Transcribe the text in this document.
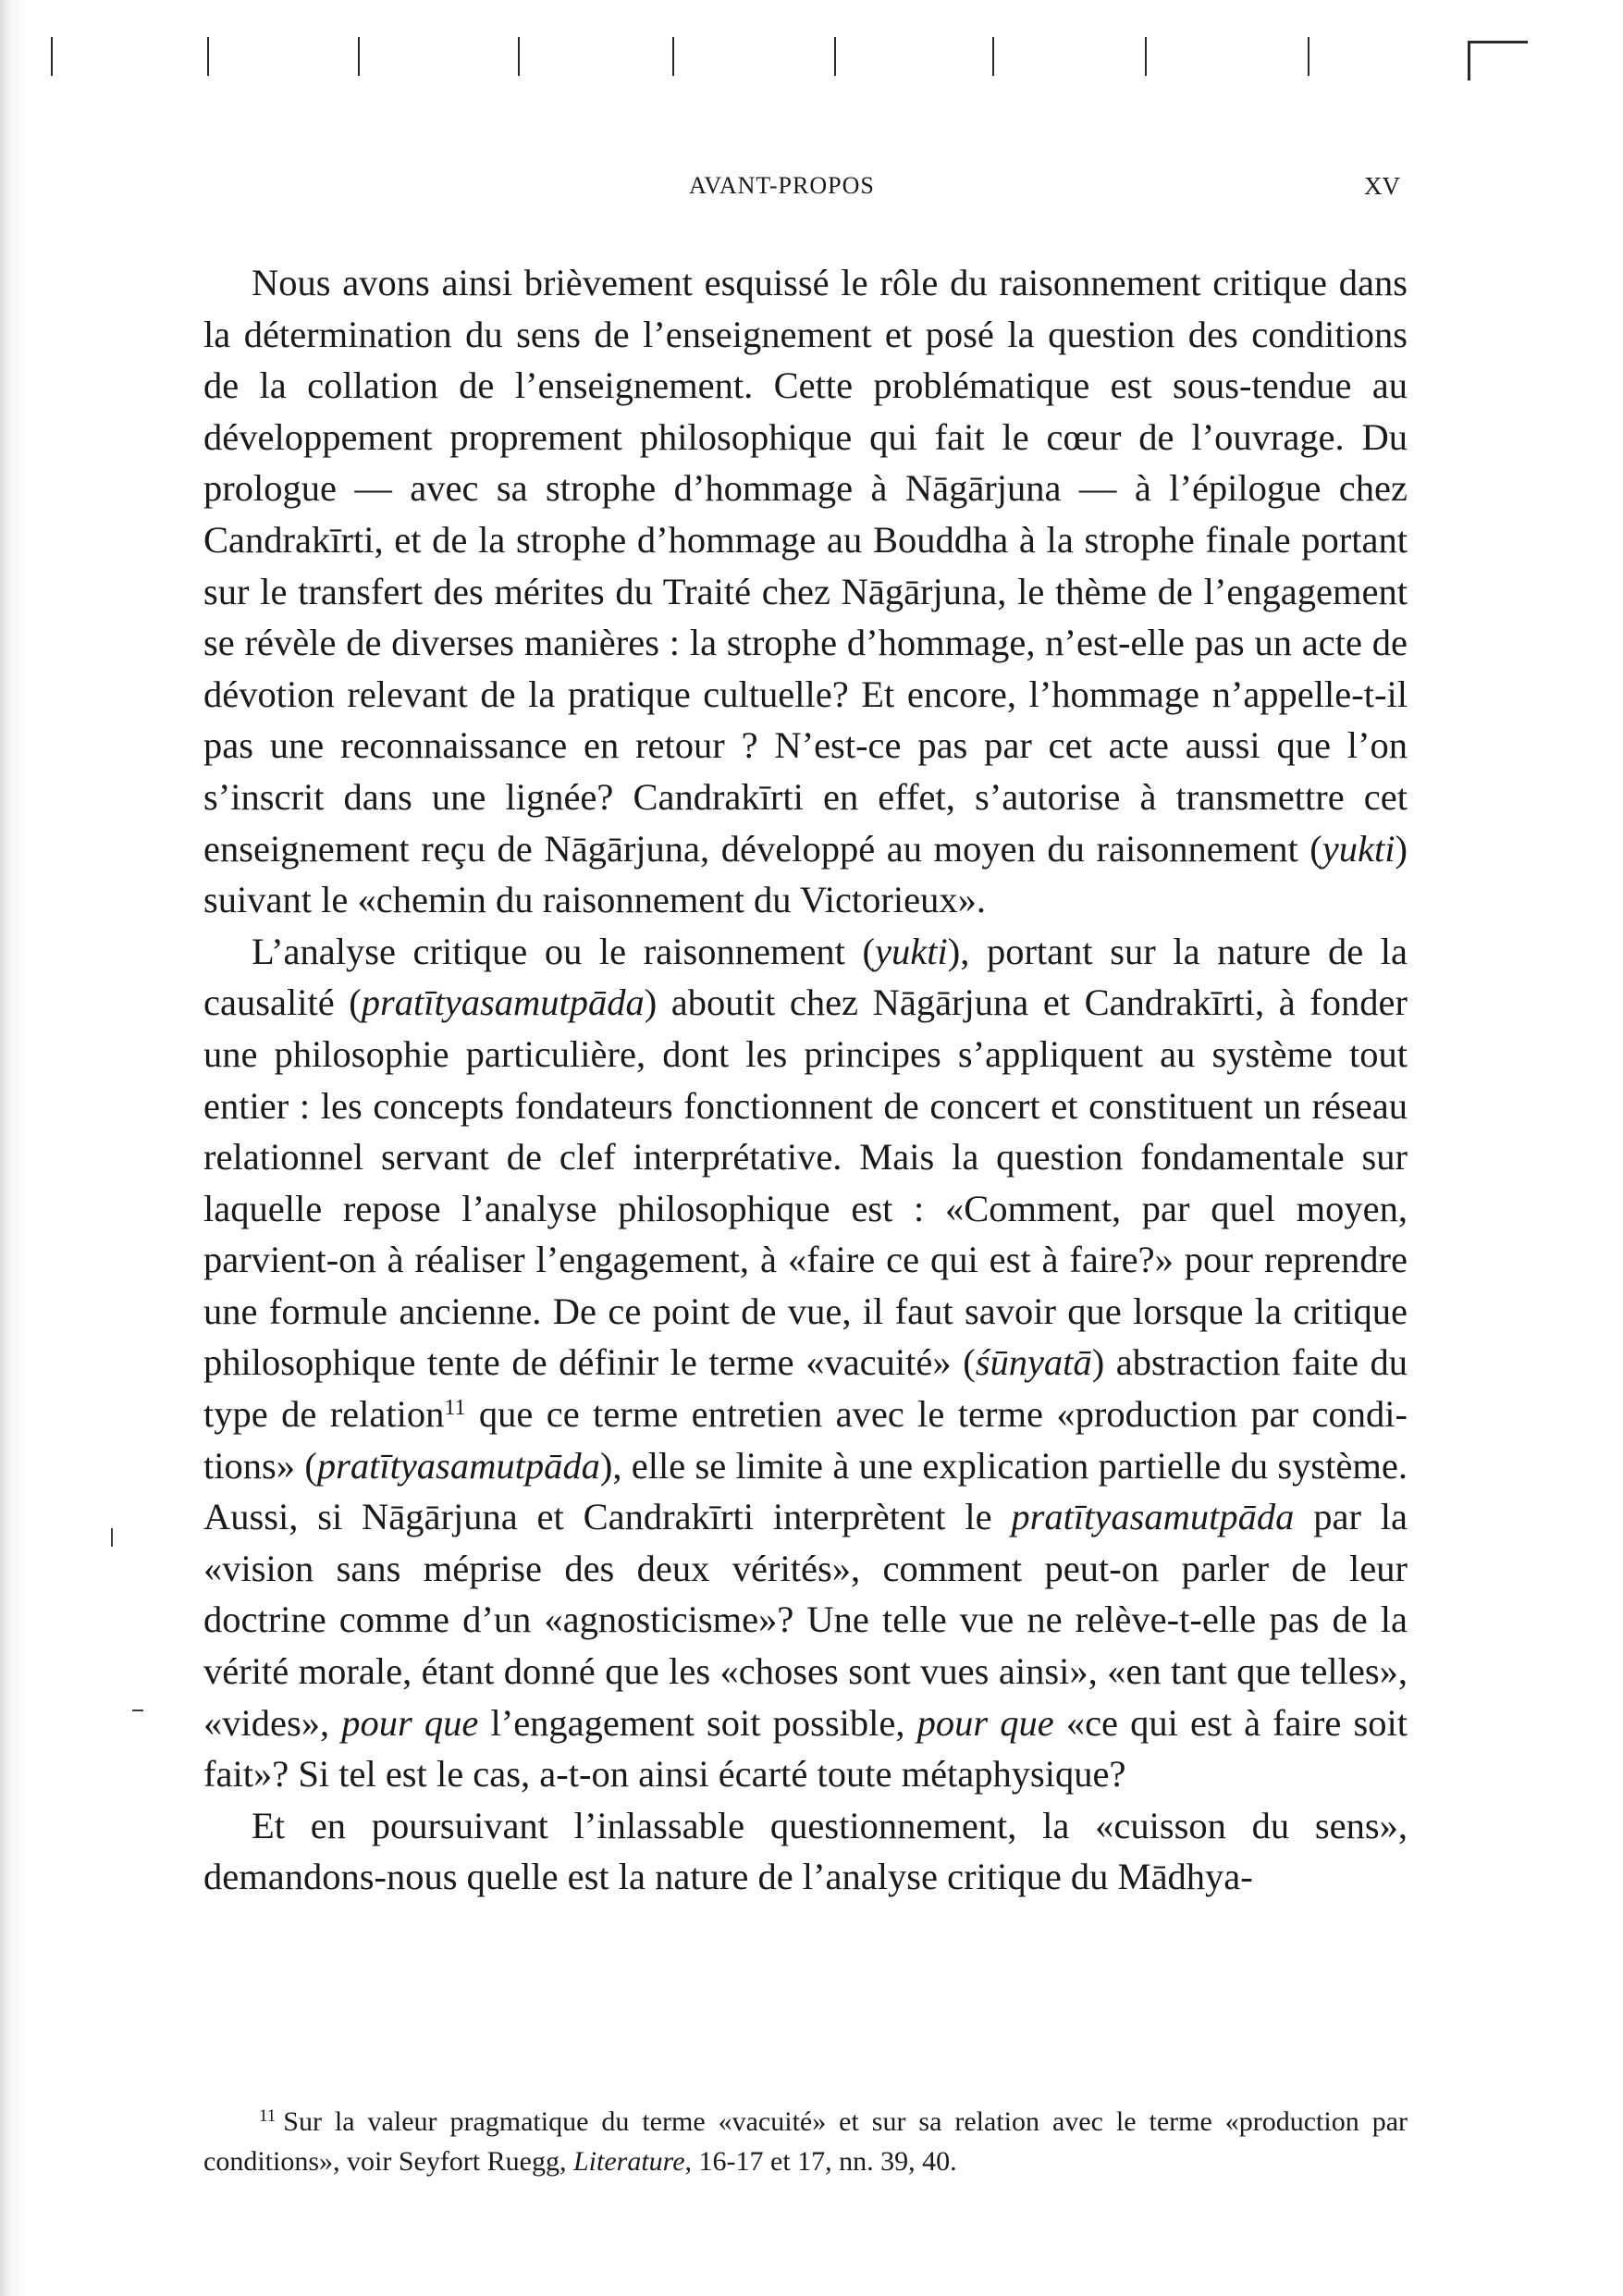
AVANT-PROPOS	XV

Nous avons ainsi brièvement esquissé le rôle du raisonnement critique dans la détermination du sens de l’enseignement et posé la question des conditions de la collation de l’enseignement. Cette problématique est sous-tendue au développement proprement philosophique qui fait le cœur de l’ouvrage. Du prologue — avec sa strophe d’hommage à Nāgārjuna — à l’épilogue chez Candrakīrti, et de la strophe d’hommage au Bouddha à la strophe finale portant sur le transfert des mérites du Traité chez Nāgārjuna, le thème de l’engagement se révèle de diverses manières : la strophe d’hommage, n’est-elle pas un acte de dévotion relevant de la pratique cultuelle? Et encore, l’hommage n’appelle-t-il pas une reconnaissance en retour ? N’est-ce pas par cet acte aussi que l’on s’inscrit dans une lignée? Candrakīrti en effet, s’autorise à transmettre cet enseignement reçu de Nāgārjuna, développé au moyen du raisonnement (yukti) suivant le «chemin du raisonnement du Victorieux».

L’analyse critique ou le raisonnement (yukti), portant sur la nature de la causalité (pratītyasamutpāda) aboutit chez Nāgārjuna et Candrakīrti, à fonder une philosophie particulière, dont les principes s’appliquent au système tout entier : les concepts fondateurs fonctionnent de concert et constituent un réseau relationnel servant de clef interprétative. Mais la question fondamentale sur laquelle repose l’analyse philosophique est : «Comment, par quel moyen, parvient-on à réaliser l’engagement, à «faire ce qui est à faire?» pour reprendre une formule ancienne. De ce point de vue, il faut savoir que lorsque la critique philosophique tente de définir le terme «vacuité» (śūnyatā) abstraction faite du type de relation$^{11}$ que ce terme entretien avec le terme «production par conditions» (pratītyasamutpāda), elle se limite à une explication partielle du système. Aussi, si Nāgārjuna et Candrakīrti interprètent le pratītyasamutpāda par la «vision sans méprise des deux vérités», comment peut-on parler de leur doctrine comme d’un «agnosticisme»? Une telle vue ne relève-t-elle pas de la vérité morale, étant donné que les «choses sont vues ainsi», «en tant que telles», «vides», pour que l’engagement soit possible, pour que «ce qui est à faire soit fait»? Si tel est le cas, a-t-on ainsi écarté toute métaphysique?

Et en poursuivant l’inlassable questionnement, la «cuisson du sens», demandons-nous quelle est la nature de l’analyse critique du Mādhya-

$^{11}$ Sur la valeur pragmatique du terme «vacuité» et sur sa relation avec le terme «production par conditions», voir Seyfort Ruegg, Literature, 16-17 et 17, nn. 39, 40.
